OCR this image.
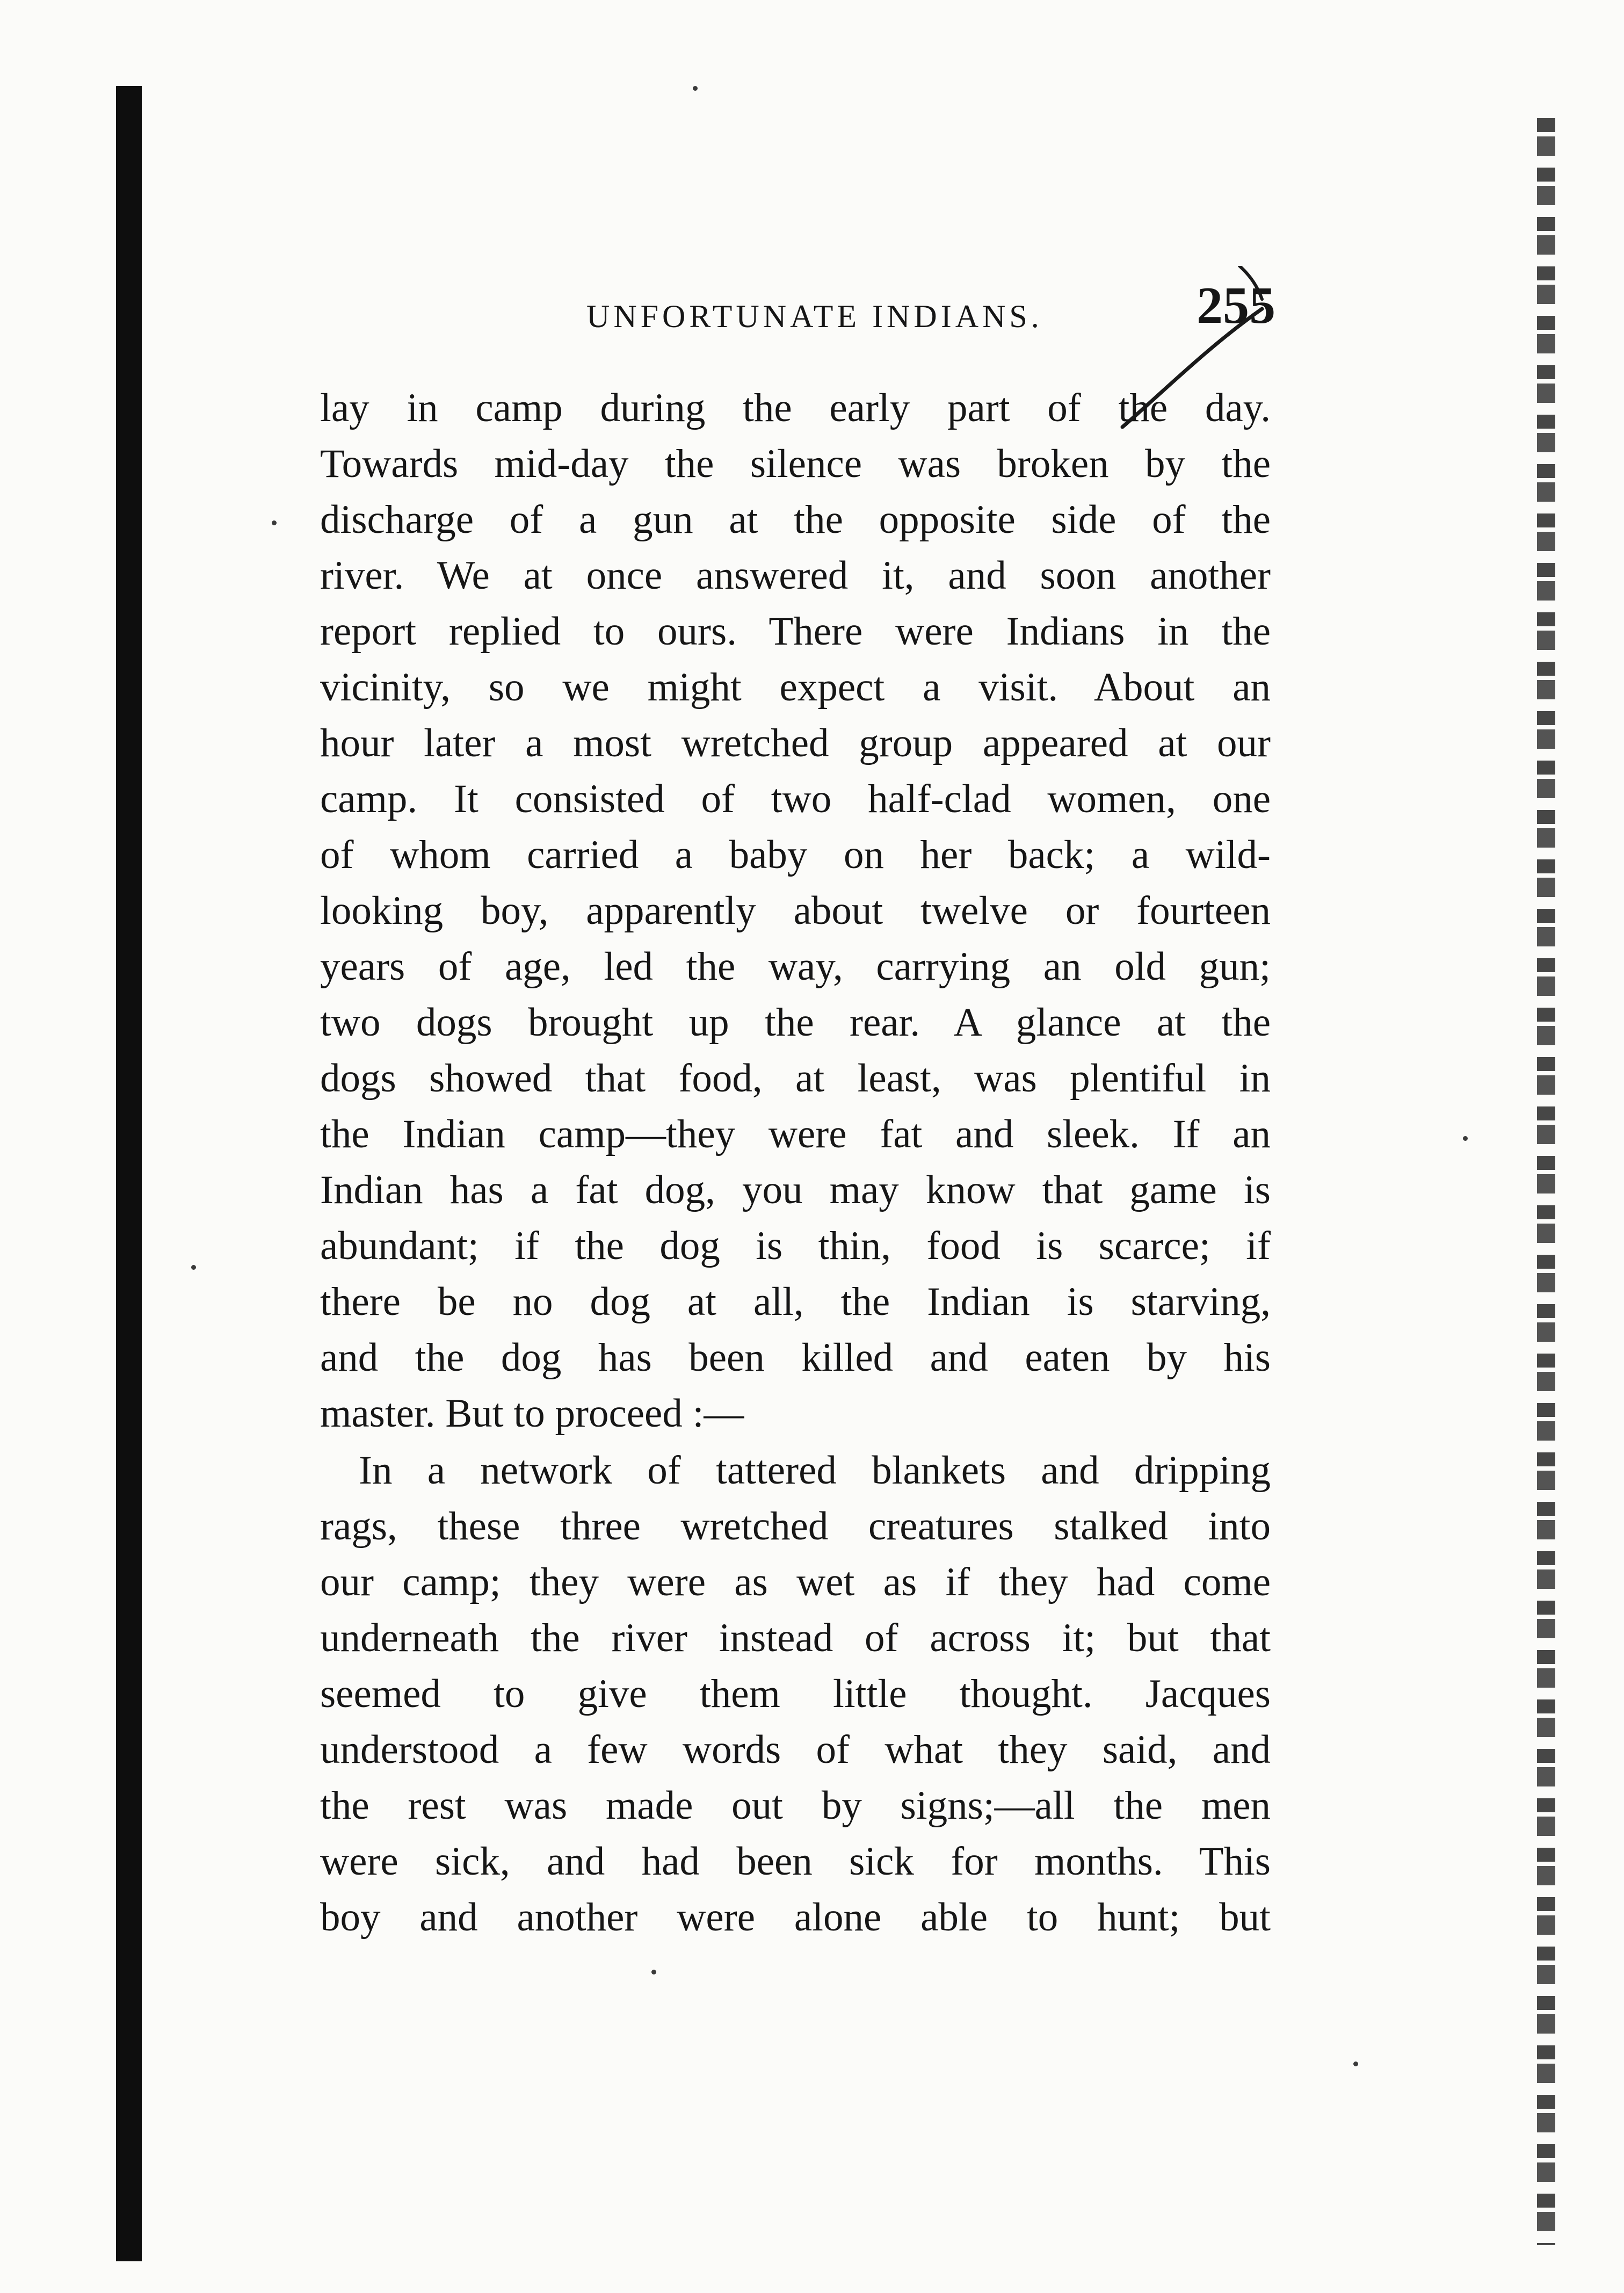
UNFORTUNATE INDIANS.	255
lay in camp during the early part of the day.
Towards mid-day the silence was broken by the
discharge of a gun at the opposite side of the
river. We at once answered it, and soon another
report replied to ours. There were Indians in the
vicinity, so we might expect a visit. About an
hour later a most wretched group appeared at our
camp. It consisted of two half-clad women, one
of whom carried a baby on her back; a wild-
looking boy, apparently about twelve or fourteen
years of age, led the way, carrying an old gun;
two dogs brought up the rear. A glance at the
dogs showed that food, at least, was plentiful in
the Indian camp—they were fat and sleek. If an
Indian has a fat dog, you may know that game is
abundant; if the dog is thin, food is scarce; if
there be no dog at all, the Indian is starving,
and the dog has been killed and eaten by his
master. But to proceed :—
In a network of tattered blankets and dripping
rags, these three wretched creatures stalked into
our camp; they were as wet as if they had come
underneath the river instead of across it; but that
seemed to give them little thought. Jacques
understood a few words of what they said, and
the rest was made out by signs;—all the men
were sick, and had been sick for months. This
boy and another were alone able to hunt; but
